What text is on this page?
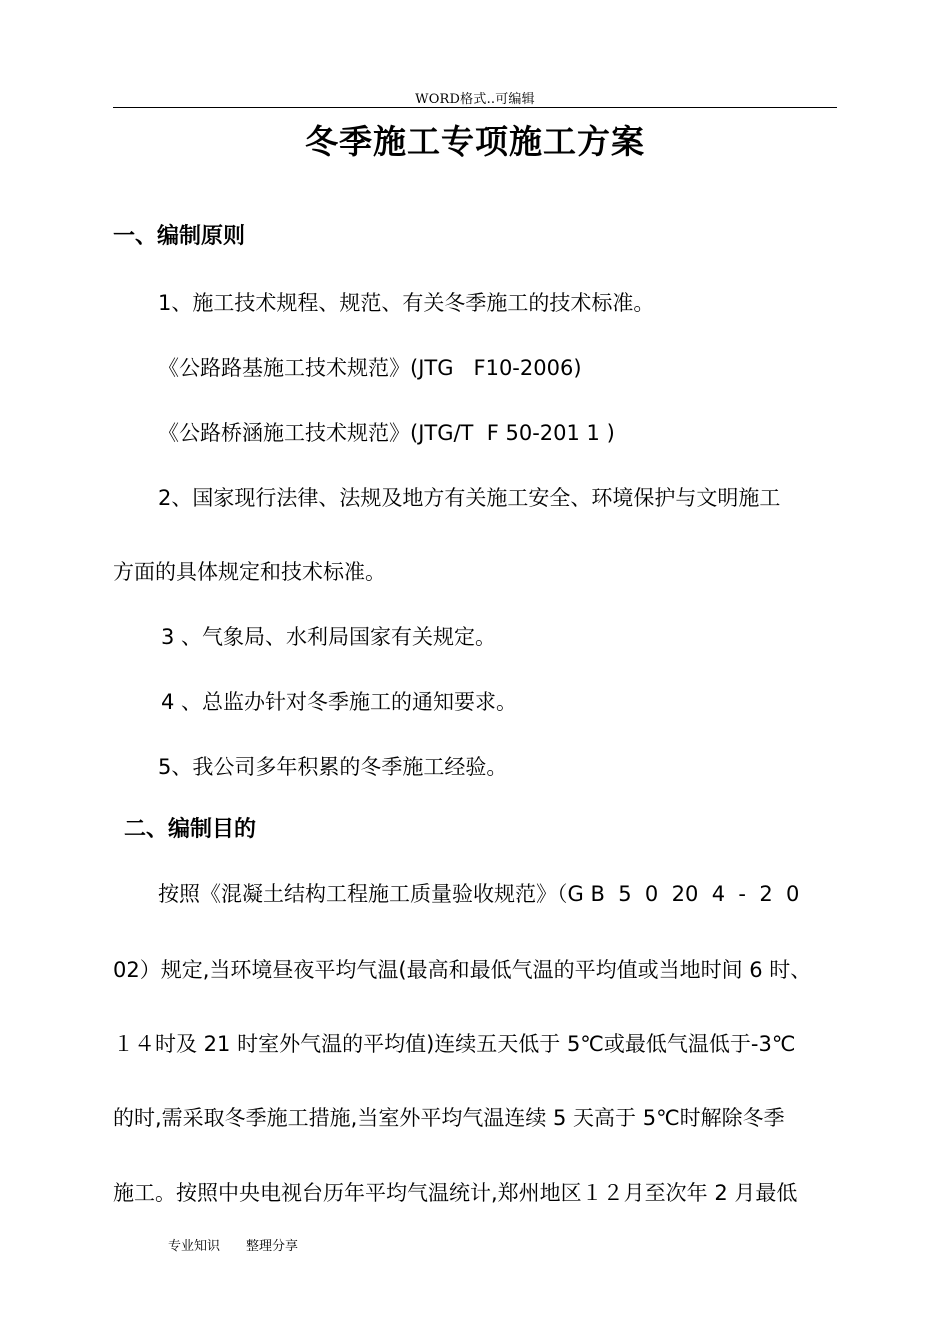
WORD格式..可编辑
冬季施工专项施工方案
一、编制原则
1、施工技术规程、规范、有关冬季施工的技术标准。
《公路路基施工技术规范》(JTG   F10-2006)
《公路桥涵施工技术规范》(JTG/T  F 50-201 1 )
2、国家现行法律、法规及地方有关施工安全、环境保护与文明施工
方面的具体规定和技术标准。
3 、气象局、水利局国家有关规定。
4 、总监办针对冬季施工的通知要求。
5、我公司多年积累的冬季施工经验。
二、编制目的
按照《混凝土结构工程施工质量验收规范》（G B  5  0  20  4  -  2  0
02）规定,当环境昼夜平均气温(最高和最低气温的平均值或当地时间 6 时、
１４时及 21 时室外气温的平均值)连续五天低于 5℃或最低气温低于-3℃
的时,需采取冬季施工措施,当室外平均气温连续 5 天高于 5℃时解除冬季
施工。按照中央电视台历年平均气温统计,郑州地区１２月至次年 2 月最低
专业知识 整理分享
